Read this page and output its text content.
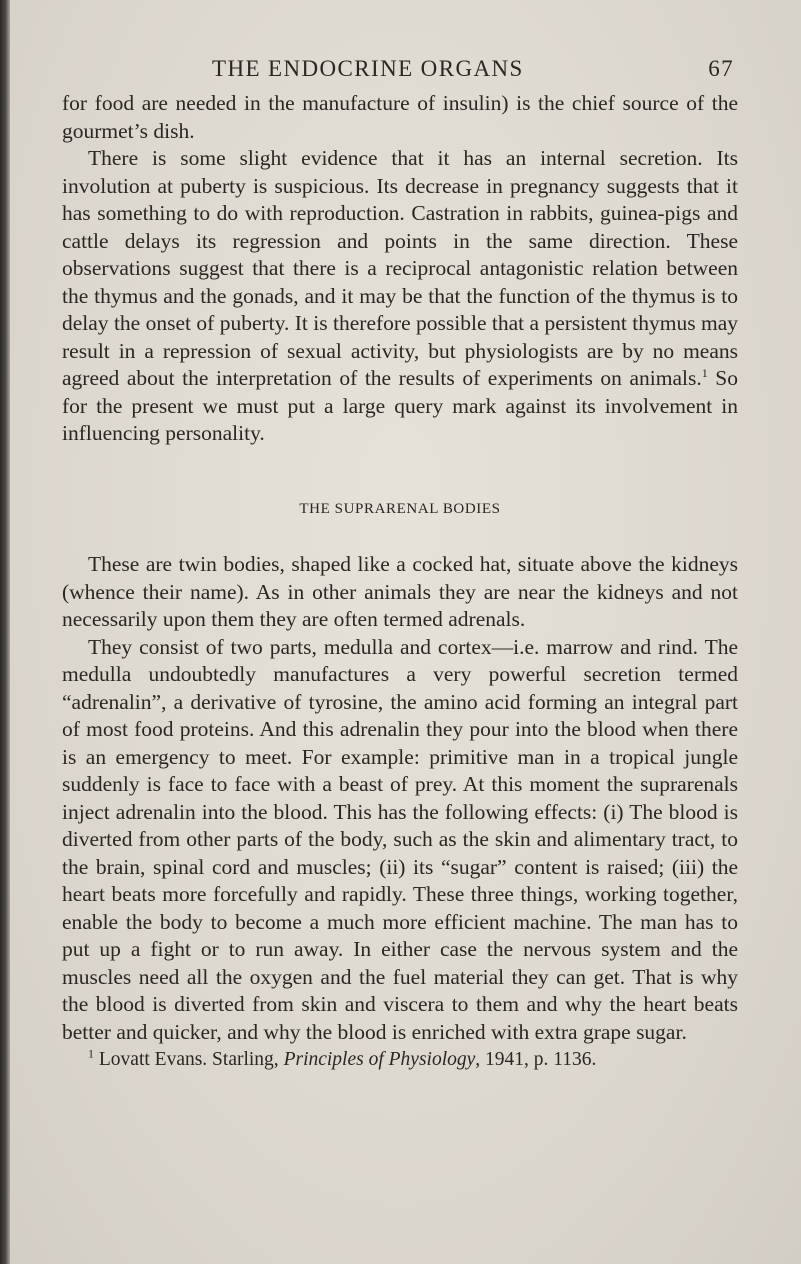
THE ENDOCRINE ORGANS	67

for food are needed in the manufacture of insulin) is the chief source of the gourmet’s dish.

There is some slight evidence that it has an internal secretion. Its involution at puberty is suspicious. Its decrease in pregnancy suggests that it has something to do with reproduction. Castration in rabbits, guinea-pigs and cattle delays its regression and points in the same direction. These observations suggest that there is a reciprocal antagonistic relation between the thymus and the gonads, and it may be that the function of the thymus is to delay the onset of puberty. It is therefore possible that a persistent thymus may result in a repression of sexual activity, but physiologists are by no means agreed about the interpretation of the results of experiments on animals.$^1$ So for the present we must put a large query mark against its involvement in influencing personality.

THE SUPRARENAL BODIES

These are twin bodies, shaped like a cocked hat, situate above the kidneys (whence their name). As in other animals they are near the kidneys and not necessarily upon them they are often termed adrenals.

They consist of two parts, medulla and cortex—i.e. marrow and rind. The medulla undoubtedly manufactures a very powerful secretion termed “adrenalin”, a derivative of tyrosine, the amino acid forming an integral part of most food proteins. And this adrenalin they pour into the blood when there is an emergency to meet. For example: primitive man in a tropical jungle suddenly is face to face with a beast of prey. At this moment the suprarenals inject adrenalin into the blood. This has the following effects: (i) The blood is diverted from other parts of the body, such as the skin and alimentary tract, to the brain, spinal cord and muscles; (ii) its “sugar” content is raised; (iii) the heart beats more forcefully and rapidly. These three things, working together, enable the body to become a much more efficient machine. The man has to put up a fight or to run away. In either case the nervous system and the muscles need all the oxygen and the fuel material they can get. That is why the blood is diverted from skin and viscera to them and why the heart beats better and quicker, and why the blood is enriched with extra grape sugar.

$^1$ Lovatt Evans. Starling, Principles of Physiology, 1941, p. 1136.
